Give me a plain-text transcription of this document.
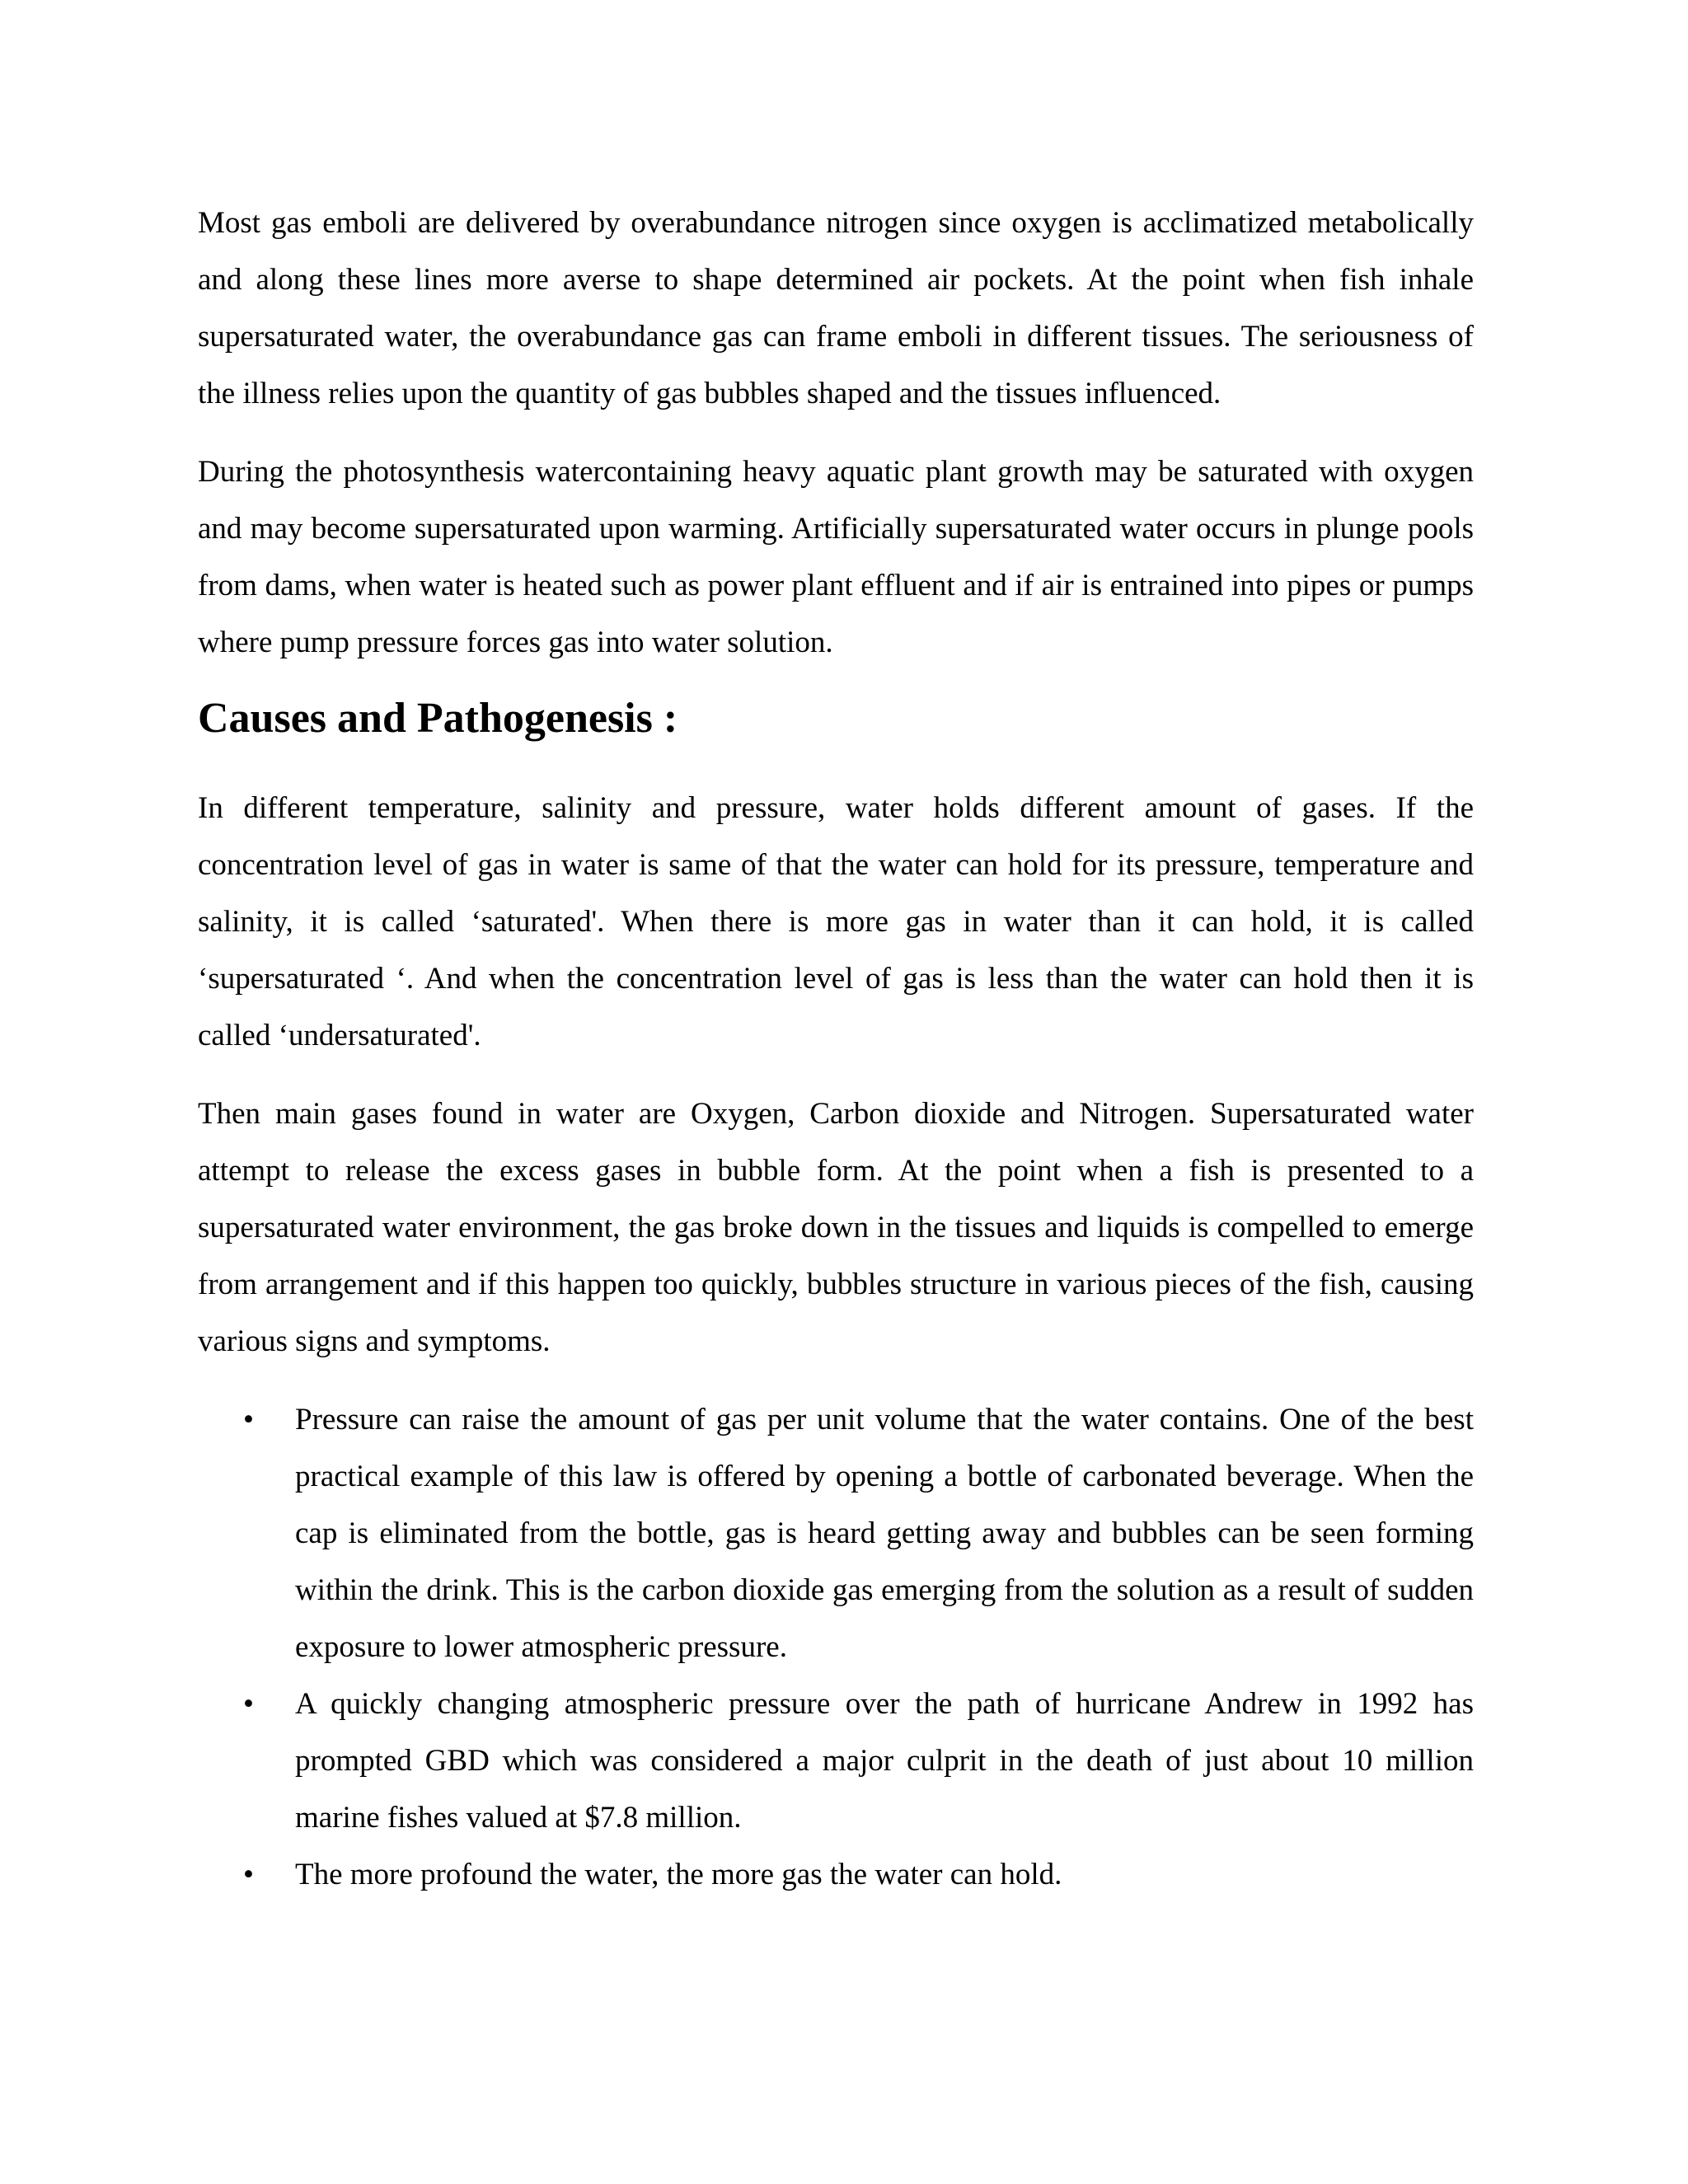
Most gas emboli are delivered by overabundance nitrogen since oxygen is acclimatized metabolically and along these lines more averse to shape determined air pockets. At the point when fish inhale supersaturated water, the overabundance gas can frame emboli in different tissues. The seriousness of the illness relies upon the quantity of gas bubbles shaped and the tissues influenced.

During the photosynthesis watercontaining heavy aquatic plant growth may be saturated with oxygen and may become supersaturated upon warming. Artificially supersaturated water occurs in plunge pools from dams, when water is heated such as power plant effluent and if air is entrained into pipes or pumps where pump pressure forces gas into water solution.

Causes and Pathogenesis :

In different temperature, salinity and pressure, water holds different amount of gases. If the concentration level of gas in water is same of that the water can hold for its pressure, temperature and salinity, it is called ‘saturated'. When there is more gas in water than it can hold, it is called ‘supersaturated ‘. And when the concentration level of gas is less than the water can hold then it is called ‘undersaturated'.

Then main gases found in water are Oxygen, Carbon dioxide and Nitrogen. Supersaturated water attempt to release the excess gases in bubble form. At the point when a fish is presented to a supersaturated water environment, the gas broke down in the tissues and liquids is compelled to emerge from arrangement and if this happen too quickly, bubbles structure in various pieces of the fish, causing various signs and symptoms.

• Pressure can raise the amount of gas per unit volume that the water contains. One of the best practical example of this law is offered by opening a bottle of carbonated beverage. When the cap is eliminated from the bottle, gas is heard getting away and bubbles can be seen forming within the drink. This is the carbon dioxide gas emerging from the solution as a result of sudden exposure to lower atmospheric pressure.
• A quickly changing atmospheric pressure over the path of hurricane Andrew in 1992 has prompted GBD which was considered a major culprit in the death of just about 10 million marine fishes valued at $7.8 million.
• The more profound the water, the more gas the water can hold.
